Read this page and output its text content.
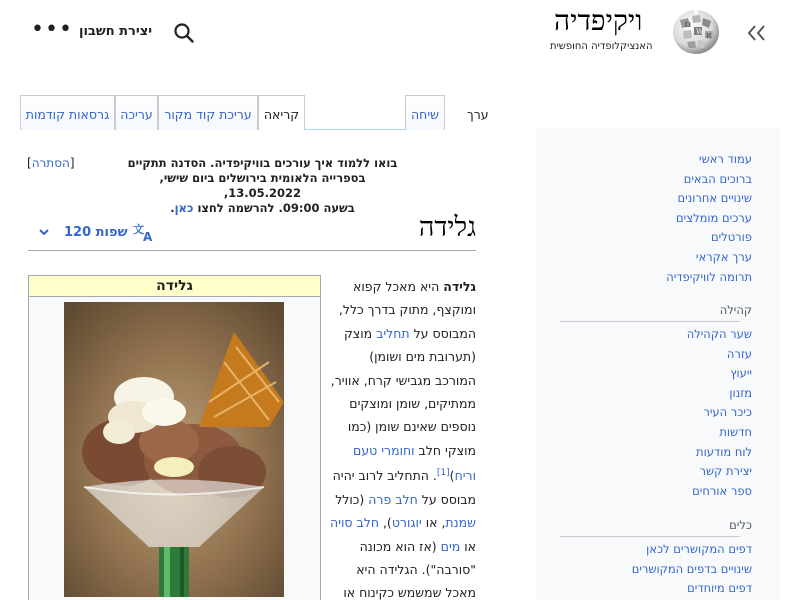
••• יצירת חשבון	ויקיפדיה
האנציקלופדיה החופשית
Ω
W
И
גרסאות קודמות עריכה עריכת קוד מקור קריאה	שיחה	ערך
[הסתרה]	בואו ללמוד איך עורכים בוויקיפדיה. הסדנה תתקיים
בספרייה הלאומית בירושלים ביום שישי, 13.05.2022,
בשעה 09:00. להרשמה לחצו כאן.
גלידה
120 שפות 文
A
גלידה	גלידה היא מאכל קפוא ומוקצף, מתוק בדרך כלל, המבוסס על תחליב מוצק (תערובת מים ושומן) המורכב מגבישי קרח, אוויר, ממתיקים, שומן ומוצקים נוספים שאינם שומן (כמו מוצקי חלב וחומרי טעם וריח)[1]. התחליב לרוב יהיה מבוסס על חלב פרה (כולל שמנת, או יוגורט), חלב סויה או מים (אז הוא מכונה "סורבה"). הגלידה היא מאכל שמשמש כקינוח או
עמוד ראשי
ברוכים הבאים
שינויים אחרונים
ערכים מומלצים
פורטלים
ערך אקראי
תרומה לוויקיפדיה
קהילה
שער הקהילה
עזרה
ייעוץ
מזנון
כיכר העיר
חדשות
לוח מודעות
יצירת קשר
ספר אורחים
כלים
דפים המקושרים לכאן
שינויים בדפים המקושרים
דפים מיוחדים
